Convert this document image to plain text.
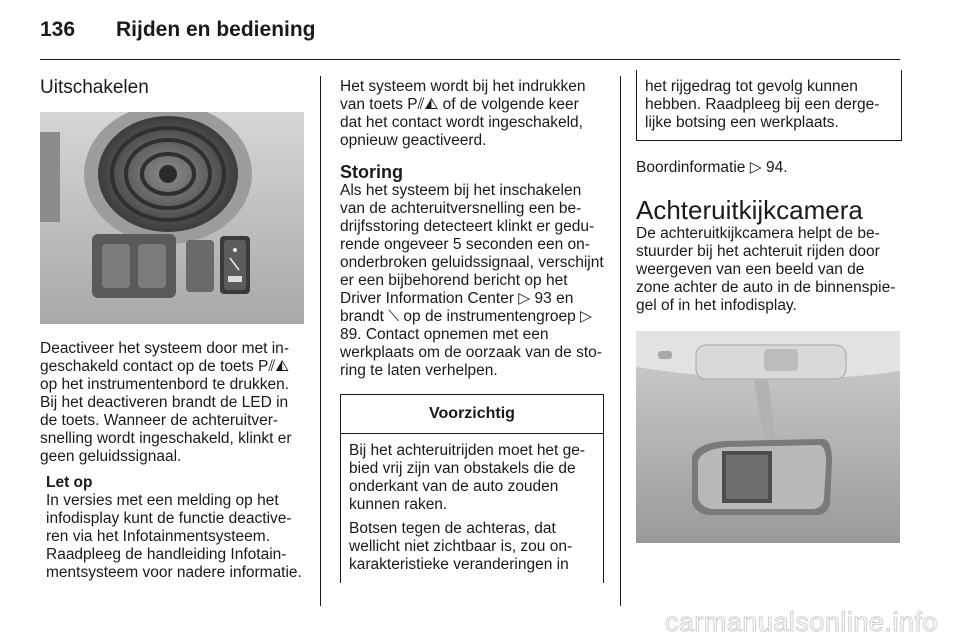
136 Rijden en bediening

Uitschakelen

Deactiveer het systeem door met ingeschakeld contact op de toets P⫽◭ op het instrumentenbord te drukken. Bij het deactiveren brandt de LED in de toets. Wanneer de achteruitversnelling wordt ingeschakeld, klinkt er geen geluidssignaal.

Let op

In versies met een melding op het infodisplay kunt de functie deactiveren via het Infotainmentsysteem. Raadpleeg de handleiding Infotainmentsysteem voor nadere informatie.

Het systeem wordt bij het indrukken van toets P⫽◭ of de volgende keer dat het contact wordt ingeschakeld, opnieuw geactiveerd.

Storing

Als het systeem bij het inschakelen van de achteruitversnelling een bedrijfsstoring detecteert klinkt er gedurende ongeveer 5 seconden een ononderbroken geluidssignaal, verschijnt er een bijbehorend bericht op het Driver Information Center ▷ 93 en brandt ⟍ op de instrumentengroep ▷ 89. Contact opnemen met een werkplaats om de oorzaak van de storing te laten verhelpen.

Voorzichtig

Bij het achteruitrijden moet het gebied vrij zijn van obstakels die de onderkant van de auto zouden kunnen raken.

Botsen tegen de achteras, dat wellicht niet zichtbaar is, zou onkarakteristieke veranderingen in

het rijgedrag tot gevolg kunnen hebben. Raadpleeg bij een dergelijke botsing een werkplaats.

Boordinformatie ▷ 94.

Achteruitkijkcamera

De achteruitkijkcamera helpt de bestuurder bij het achteruit rijden door weergeven van een beeld van de zone achter de auto in de binnenspiegel of in het infodisplay.

carmanualsonline.info
